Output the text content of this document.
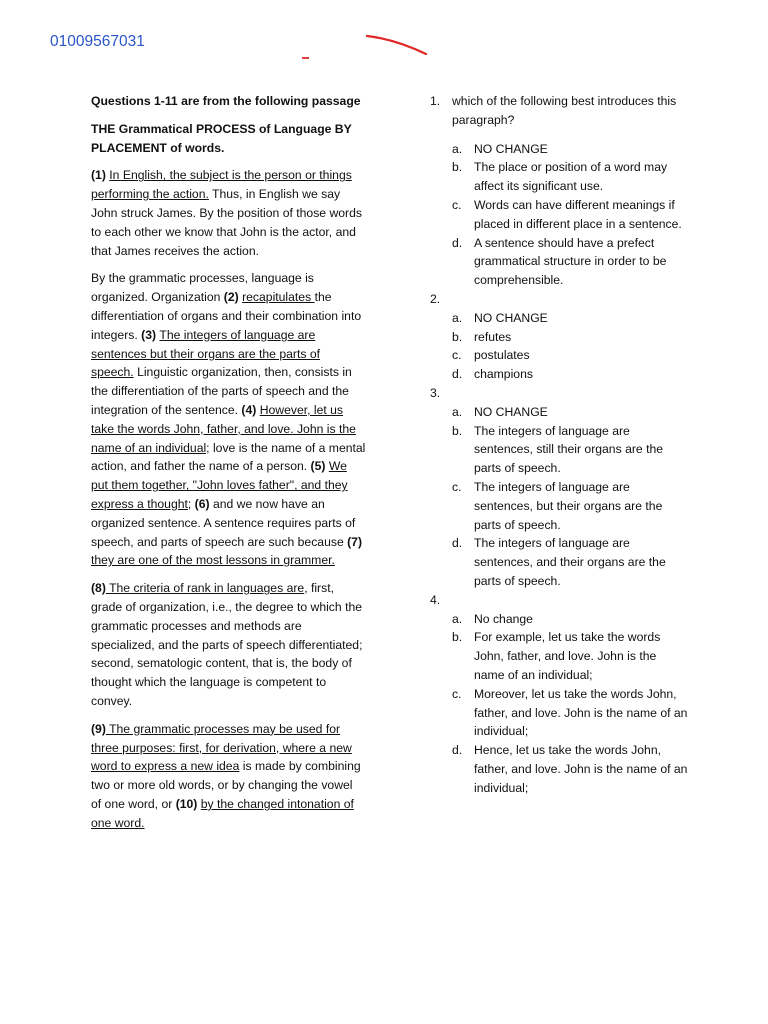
01009567031

Questions 1-11 are from the following passage

THE Grammatical PROCESS of Language BY PLACEMENT of words.

(1) In English, the subject is the person or things performing the action. Thus, in English we say John struck James. By the position of those words to each other we know that John is the actor, and that James receives the action.

By the grammatic processes, language is organized. Organization (2) recapitulates the differentiation of organs and their combination into integers. (3) The integers of language are sentences but their organs are the parts of speech. Linguistic organization, then, consists in the differentiation of the parts of speech and the integration of the sentence. (4) However, let us take the words John, father, and love. John is the name of an individual; love is the name of a mental action, and father the name of a person. (5) We put them together, "John loves father", and they express a thought; (6) and we now have an organized sentence. A sentence requires parts of speech, and parts of speech are such because (7) they are one of the most lessons in grammer.

(8) The criteria of rank in languages are, first, grade of organization, i.e., the degree to which the grammatic processes and methods are specialized, and the parts of speech differentiated; second, sematologic content, that is, the body of thought which the language is competent to convey.

(9) The grammatic processes may be used for three purposes: first, for derivation, where a new word to express a new idea is made by combining two or more old words, or by changing the vowel of one word, or (10) by the changed intonation of one word.

1. which of the following best introduces this paragraph?
a. NO CHANGE
b. The place or position of a word may affect its significant use.
c. Words can have different meanings if placed in different place in a sentence.
d. A sentence should have a prefect grammatical structure in order to be comprehensible.
2.
a. NO CHANGE
b. refutes
c. postulates
d. champions
3.
a. NO CHANGE
b. The integers of language are sentences, still their organs are the parts of speech.
c. The integers of language are sentences, but their organs are the parts of speech.
d. The integers of language are sentences, and their organs are the parts of speech.
4.
a. No change
b. For example, let us take the words John, father, and love. John is the name of an individual;
c. Moreover, let us take the words John, father, and love. John is the name of an individual;
d. Hence, let us take the words John, father, and love. John is the name of an individual;
